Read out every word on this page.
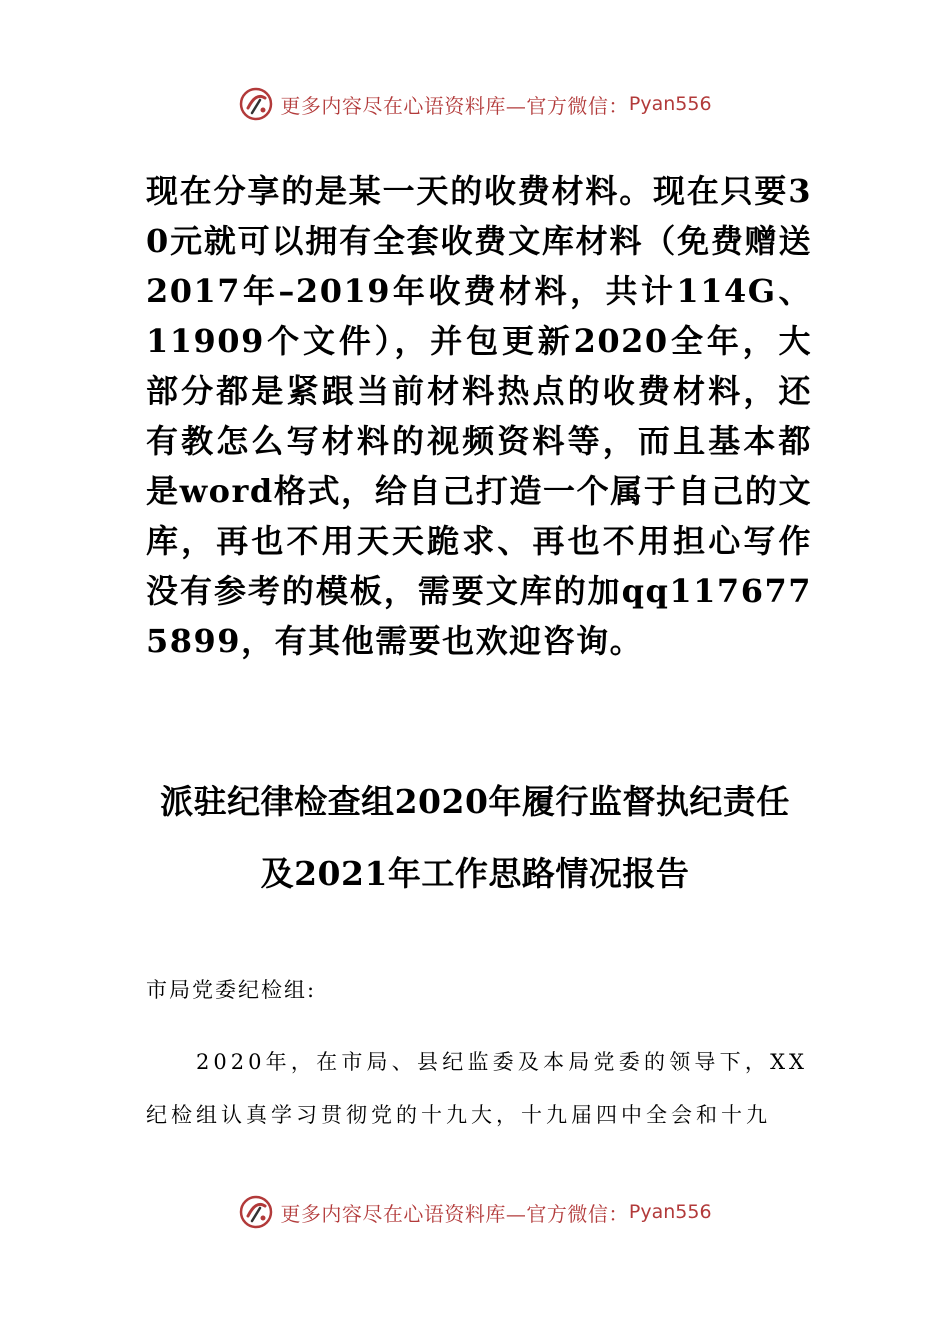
更多内容尽在心语资料库—官方微信： Pyan556
现在分享的是某一天的收费材料。现在只要30元就可以拥有全套收费文库材料（免费赠送2017年–2019年收费材料，共计114G、11909个文件），并包更新2020全年，大部分都是紧跟当前材料热点的收费材料，还有教怎么写材料的视频资料等，而且基本都是word格式，给自己打造一个属于自己的文库，再也不用天天跪求、再也不用担心写作没有参考的模板，需要文库的加qq1176775899，有其他需要也欢迎咨询。
派驻纪律检查组2020年履行监督执纪责任
及2021年工作思路情况报告
市局党委纪检组:
2020年，在市局、县纪监委及本局党委的领导下，XX纪检组认真学习贯彻党的十九大，十九届四中全会和十九
更多内容尽在心语资料库—官方微信： Pyan556
